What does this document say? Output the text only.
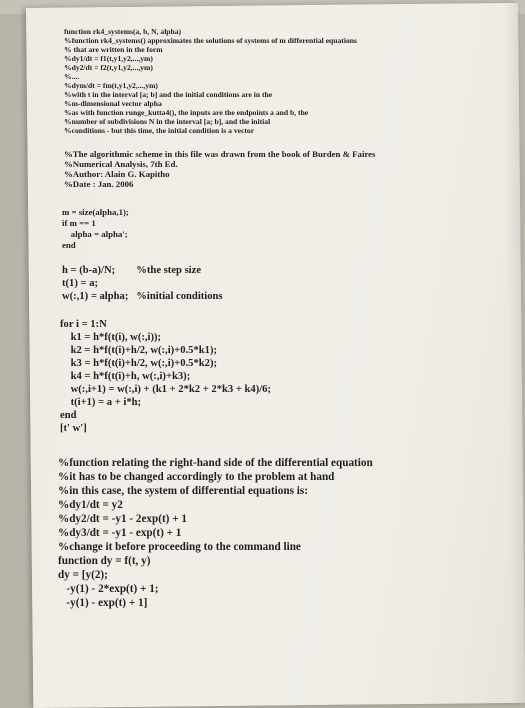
function rk4_systems(a, b, N, alpha)
%function rk4_systems() approximates the solutions of systems of m differential equations
% that are written in the form
%dy1/dt = f1(t,y1,y2,...,ym)
%dy2/dt = f2(t,y1,y2,...,ym)
%....
%dym/dt = fm(t,y1,y2,...,ym)
%with t in the interval [a; b] and the initial conditions are in the
%m-dimensional vector alpha
%as with function runge_kutta4(), the inputs are the endpoints a and b, the
%number of subdivisions N in the interval [a; b], and the initial
%conditions - but this time, the initial condition is a vector
%The algorithmic scheme in this file was drawn from the book of Burden & Faires
%Numerical Analysis, 7th Ed.
%Author: Alain G. Kapitho
%Date : Jan. 2006
m = size(alpha,1);
if m == 1
alpha = alpha';
end
h = (b-a)/N;        %the step size
t(1) = a;
w(:,1) = alpha;   %initial conditions
for i = 1:N
k1 = h*f(t(i), w(:,i));
k2 = h*f(t(i)+h/2, w(:,i)+0.5*k1);
k3 = h*f(t(i)+h/2, w(:,i)+0.5*k2);
k4 = h*f(t(i)+h, w(:,i)+k3);
w(:,i+1) = w(:,i) + (k1 + 2*k2 + 2*k3 + k4)/6;
t(i+1) = a + i*h;
end
[t' w']
%function relating the right-hand side of the differential equation
%it has to be changed accordingly to the problem at hand
%in this case, the system of differential equations is:
%dy1/dt = y2
%dy2/dt = -y1 - 2exp(t) + 1
%dy3/dt = -y1 - exp(t) + 1
%change it before proceeding to the command line
function dy = f(t, y)
dy = [y(2);
-y(1) - 2*exp(t) + 1;
-y(1) - exp(t) + 1]
